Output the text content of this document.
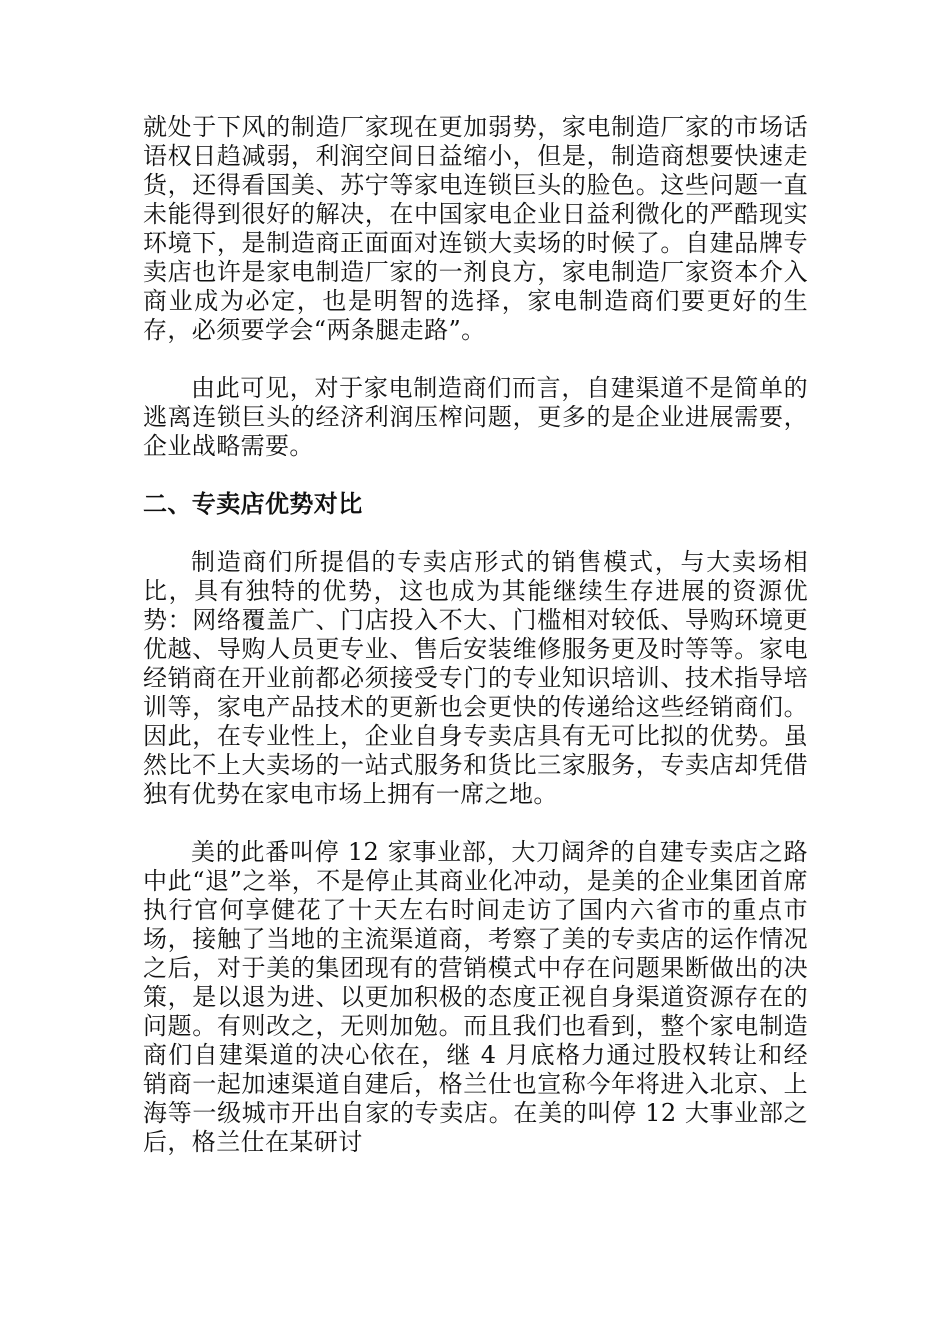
就处于下风的制造厂家现在更加弱势，家电制造厂家的市场话语权日趋减弱，利润空间日益缩小，但是，制造商想要快速走货，还得看国美、苏宁等家电连锁巨头的脸色。这些问题一直未能得到很好的解决，在中国家电企业日益利微化的严酷现实环境下，是制造商正面面对连锁大卖场的时候了。自建品牌专卖店也许是家电制造厂家的一剂良方，家电制造厂家资本介入商业成为必定，也是明智的选择，家电制造商们要更好的生存，必须要学会“两条腿走路”。

由此可见，对于家电制造商们而言，自建渠道不是简单的逃离连锁巨头的经济利润压榨问题，更多的是企业进展需要，企业战略需要。

二、专卖店优势对比

制造商们所提倡的专卖店形式的销售模式，与大卖场相比，具有独特的优势，这也成为其能继续生存进展的资源优势：网络覆盖广、门店投入不大、门槛相对较低、导购环境更优越、导购人员更专业、售后安装维修服务更及时等等。家电经销商在开业前都必须接受专门的专业知识培训、技术指导培训等，家电产品技术的更新也会更快的传递给这些经销商们。因此，在专业性上，企业自身专卖店具有无可比拟的优势。虽然比不上大卖场的一站式服务和货比三家服务，专卖店却凭借独有优势在家电市场上拥有一席之地。

美的此番叫停 12 家事业部，大刀阔斧的自建专卖店之路中此“退”之举，不是停止其商业化冲动，是美的企业集团首席执行官何享健花了十天左右时间走访了国内六省市的重点市场，接触了当地的主流渠道商，考察了美的专卖店的运作情况之后，对于美的集团现有的营销模式中存在问题果断做出的决策，是以退为进、以更加积极的态度正视自身渠道资源存在的问题。有则改之，无则加勉。而且我们也看到，整个家电制造商们自建渠道的决心依在，继 4 月底格力通过股权转让和经销商一起加速渠道自建后，格兰仕也宣称今年将进入北京、上海等一级城市开出自家的专卖店。在美的叫停 12 大事业部之后，格兰仕在某研讨
